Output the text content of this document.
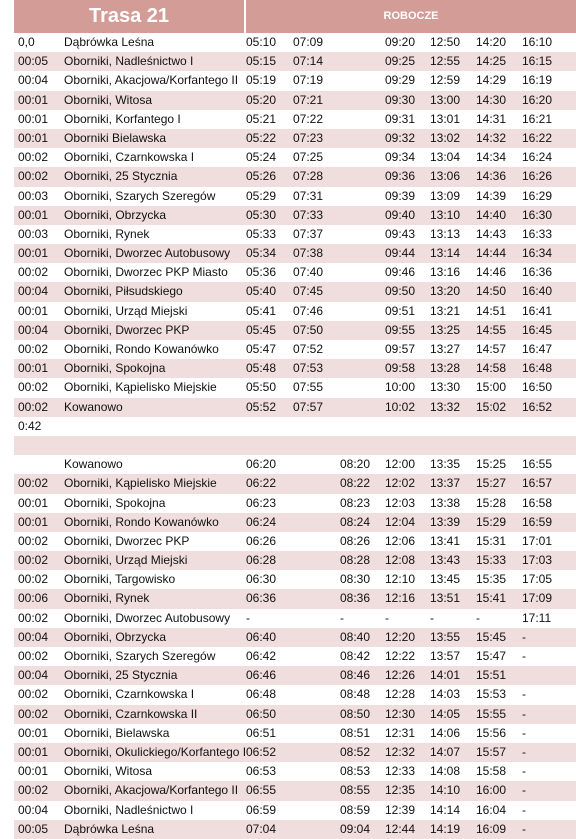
Trasa 21	ROBOCZE
0,0 Dąbrówka Leśna	05:10 07:09	09:20 12:50 14:20 16:10
00:05 Oborniki, Nadleśnictwo I	05:15 07:14	09:25 12:55 14:25 16:15
00:04 Oborniki, Akacjowa/Korfantego II 05:19 07:19	09:29 12:59 14:29 16:19
00:01 Oborniki, Witosa	05:20 07:21	09:30 13:00 14:30 16:20
00:01 Oborniki, Korfantego I	05:21 07:22	09:31 13:01 14:31 16:21
00:01 Oborniki Bielawska	05:22 07:23	09:32 13:02 14:32 16:22
00:02 Oborniki, Czarnkowska I	05:24 07:25	09:34 13:04 14:34 16:24
00:02 Oborniki, 25 Stycznia	05:26 07:28	09:36 13:06 14:36 16:26
00:03 Oborniki, Szarych Szeregów	05:29 07:31	09:39 13:09 14:39 16:29
00:01 Oborniki, Obrzycka	05:30 07:33	09:40 13:10 14:40 16:30
00:03 Oborniki, Rynek	05:33 07:37	09:43 13:13 14:43 16:33
00:01 Oborniki, Dworzec Autobusowy 05:34 07:38	09:44 13:14 14:44 16:34
00:02 Oborniki, Dworzec PKP Miasto 05:36 07:40	09:46 13:16 14:46 16:36
00:04 Oborniki, Piłsudskiego	05:40 07:45	09:50 13:20 14:50 16:40
00:01 Oborniki, Urząd Miejski	05:41 07:46	09:51 13:21 14:51 16:41
00:04 Oborniki, Dworzec PKP	05:45 07:50	09:55 13:25 14:55 16:45
00:02 Oborniki, Rondo Kowanówko 05:47 07:52	09:57 13:27 14:57 16:47
00:01 Oborniki, Spokojna	05:48 07:53	09:58 13:28 14:58 16:48
00:02 Oborniki, Kąpielisko Miejskie 05:50 07:55	10:00 13:30 15:00 16:50
00:02 Kowanowo	05:52 07:57	10:02 13:32 15:02 16:52
0:42
Kowanowo	06:20	08:20 12:00 13:35 15:25 16:55
00:02 Oborniki, Kąpielisko Miejskie 06:22	08:22 12:02 13:37 15:27 16:57
00:01 Oborniki, Spokojna	06:23	08:23 12:03 13:38 15:28 16:58
00:01 Oborniki, Rondo Kowanówko 06:24	08:24 12:04 13:39 15:29 16:59
00:02 Oborniki, Dworzec PKP	06:26	08:26 12:06 13:41 15:31 17:01
00:02 Oborniki, Urząd Miejski	06:28	08:28 12:08 13:43 15:33 17:03
00:02 Oborniki, Targowisko	06:30	08:30 12:10 13:45 15:35 17:05
00:06 Oborniki, Rynek	06:36	08:36 12:16 13:51 15:41 17:09
00:02 Oborniki, Dworzec Autobusowy -	-	-	-	-	17:11
00:04 Oborniki, Obrzycka	06:40	08:40 12:20 13:55 15:45 -
00:02 Oborniki, Szarych Szeregów	06:42	08:42 12:22 13:57 15:47 -
00:04 Oborniki, 25 Stycznia	06:46	08:46 12:26 14:01 15:51
00:02 Oborniki, Czarnkowska I	06:48	08:48 12:28 14:03 15:53 -
00:02 Oborniki, Czarnkowska II	06:50	08:50 12:30 14:05 15:55 -
00:01 Oborniki, Bielawska	06:51	08:51 12:31 14:06 15:56 -
00:01 Oborniki, Okulickiego/Korfantego I 06:52	08:52 12:32 14:07 15:57 -
00:01 Oborniki, Witosa	06:53	08:53 12:33 14:08 15:58 -
00:02 Oborniki, Akacjowa/Korfantego II 06:55	08:55 12:35 14:10 16:00 -
00:04 Oborniki, Nadleśnictwo I	06:59	08:59 12:39 14:14 16:04 -
00:05 Dąbrówka Leśna	07:04	09:04 12:44 14:19 16:09 -
